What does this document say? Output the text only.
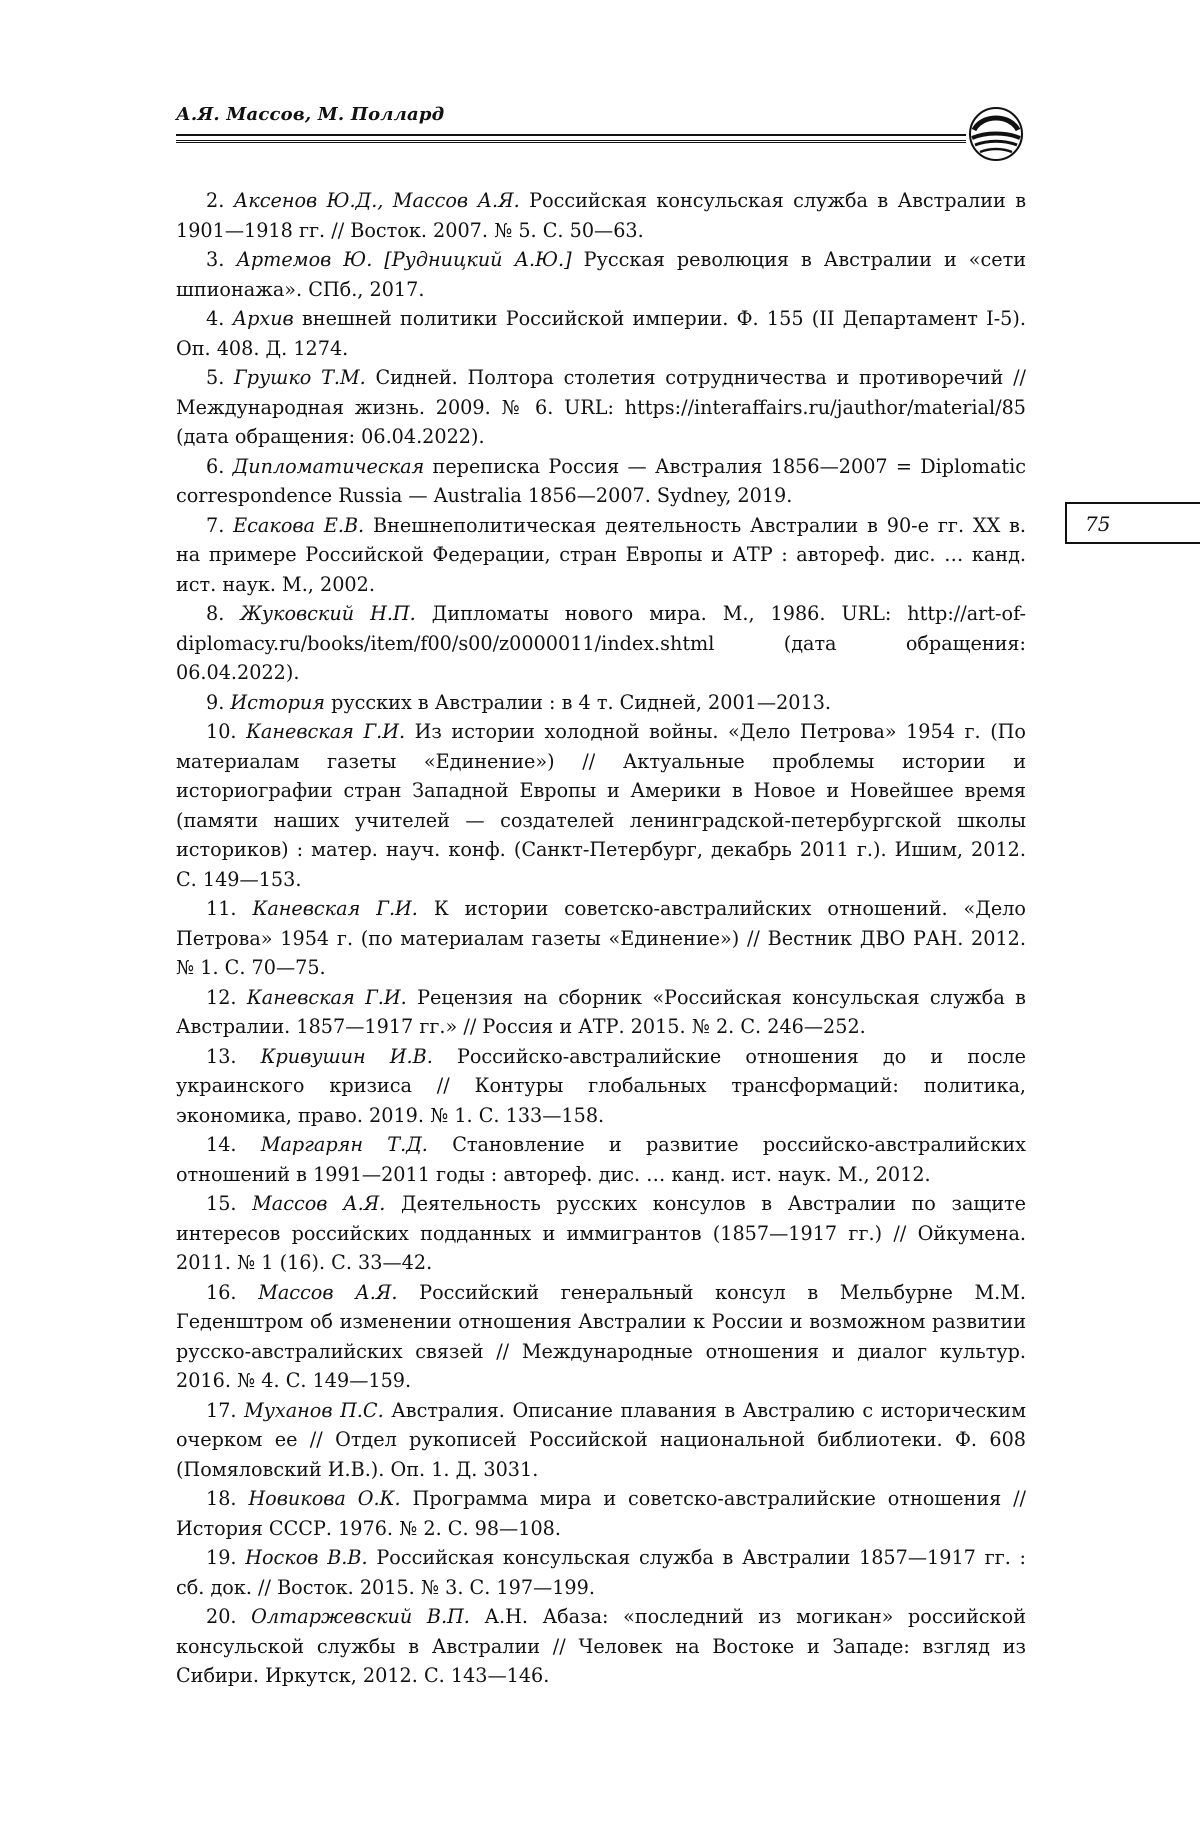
А.Я. Массов, М. Поллард

2. Аксенов Ю.Д., Массов А.Я. Российская консульская служба в Австралии в 1901—1918 гг. // Восток. 2007. № 5. С. 50—63.

3. Артемов Ю. [Рудницкий А.Ю.] Русская революция в Австралии и «сети шпионажа». СПб., 2017.

4. Архив внешней политики Российской империи. Ф. 155 (II Департамент I-5). Оп. 408. Д. 1274.

5. Грушко Т.М. Сидней. Полтора столетия сотрудничества и противоречий // Международная жизнь. 2009. № 6. URL: https://interaffairs.ru/jauthor/material/85 (дата обращения: 06.04.2022).

6. Дипломатическая переписка Россия — Австралия 1856—2007 = Diplomatic correspondence Russia — Australia 1856—2007. Sydney, 2019.

7. Есакова Е.В. Внешнеполитическая деятельность Австралии в 90-е гг. XX в. на примере Российской Федерации, стран Европы и АТР : автореф. дис. … канд. ист. наук. М., 2002.

8. Жуковский Н.П. Дипломаты нового мира. М., 1986. URL: http://art-of-diplomacy.ru/books/item/f00/s00/z0000011/index.shtml (дата обращения: 06.04.2022).

9. История русских в Австралии : в 4 т. Сидней, 2001—2013.

10. Каневская Г.И. Из истории холодной войны. «Дело Петрова» 1954 г. (По материалам газеты «Единение») // Актуальные проблемы истории и историографии стран Западной Европы и Америки в Новое и Новейшее время (памяти наших учителей — создателей ленинградской-петербургской школы историков) : матер. науч. конф. (Санкт-Петербург, декабрь 2011 г.). Ишим, 2012. С. 149—153.

11. Каневская Г.И. К истории советско-австралийских отношений. «Дело Петрова» 1954 г. (по материалам газеты «Единение») // Вестник ДВО РАН. 2012. № 1. С. 70—75.

12. Каневская Г.И. Рецензия на сборник «Российская консульская служба в Австралии. 1857—1917 гг.» // Россия и АТР. 2015. № 2. С. 246—252.

13. Кривушин И.В. Российско-австралийские отношения до и после украинского кризиса // Контуры глобальных трансформаций: политика, экономика, право. 2019. № 1. С. 133—158.

14. Маргарян Т.Д. Становление и развитие российско-австралийских отношений в 1991—2011 годы : автореф. дис. … канд. ист. наук. М., 2012.

15. Массов А.Я. Деятельность русских консулов в Австралии по защите интересов российских подданных и иммигрантов (1857—1917 гг.) // Ойкумена. 2011. № 1 (16). С. 33—42.

16. Массов А.Я. Российский генеральный консул в Мельбурне М.М. Геденштром об изменении отношения Австралии к России и возможном развитии русско-австралийских связей // Международные отношения и диалог культур. 2016. № 4. С. 149—159.

17. Муханов П.С. Австралия. Описание плавания в Австралию с историческим очерком ее // Отдел рукописей Российской национальной библиотеки. Ф. 608 (Помяловский И.В.). Оп. 1. Д. 3031.

18. Новикова О.К. Программа мира и советско-австралийские отношения // История СССР. 1976. № 2. С. 98—108.

19. Носков В.В. Российская консульская служба в Австралии 1857—1917 гг. : сб. док. // Восток. 2015. № 3. С. 197—199.

20. Олтаржевский В.П. А.Н. Абаза: «последний из могикан» российской консульской службы в Австралии // Человек на Востоке и Западе: взгляд из Сибири. Иркутск, 2012. С. 143—146.

75
